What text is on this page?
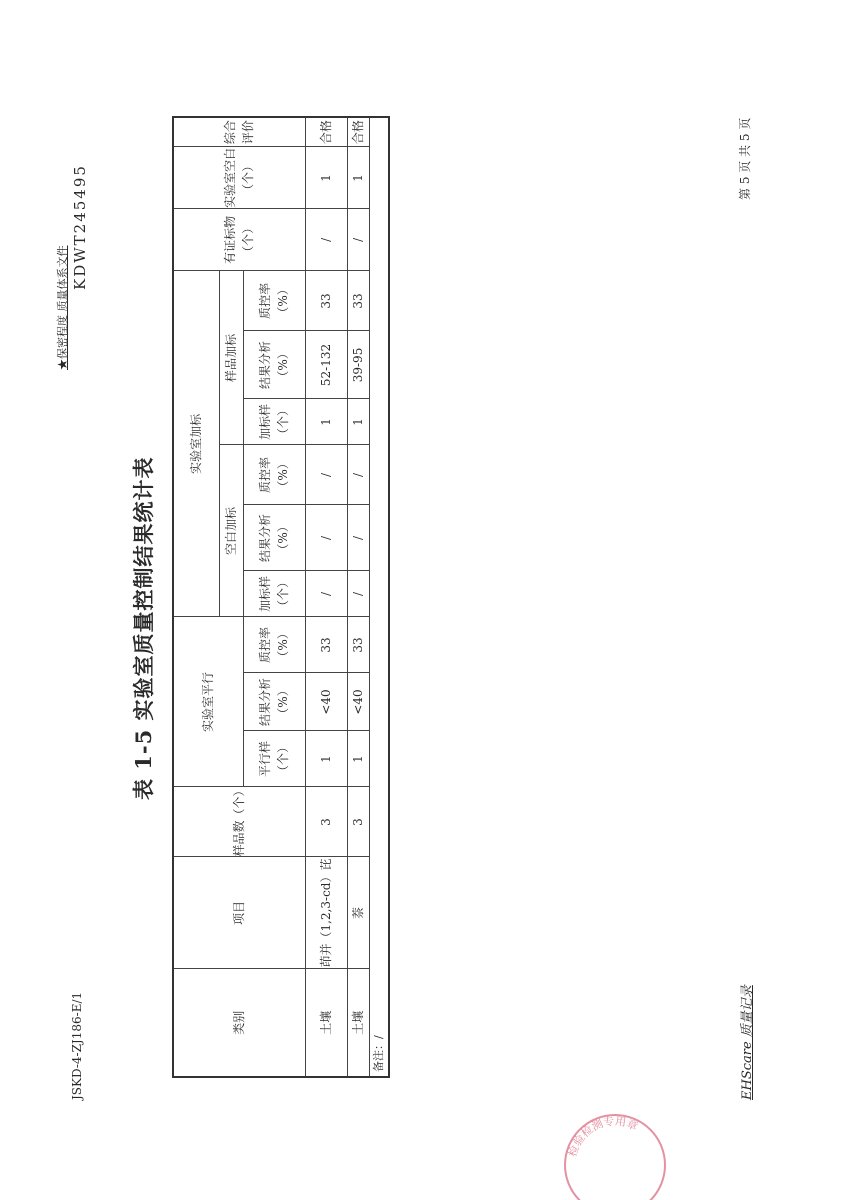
JSKD-4-ZJ186-E/1
★保密程度 质量体系文件
KDWT245495
表 1-5 实验室质量控制结果统计表
类别	项目	样品数（个）	实验室平行			实验室加标						有证标物（个）	实验室空白（个）	综合评价
						空白加标			样品加标					
			平行样（个）	结果分析（%）	质控率（%）	加标样（个）	结果分析（%）	质控率（%）	加标样（个）	结果分析（%）	质控率（%）			
土壤	茚并（1,2,3-cd）芘	3	1	<40	33	/	/	/	1	52-132	33	/	1	合格
土壤	萘	3	1	<40	33	/	/	/	1	39-95	33	/	1	合格
备注：/															EHScare 质量记录
第 5 页 共 5 页
检验检测专用章
